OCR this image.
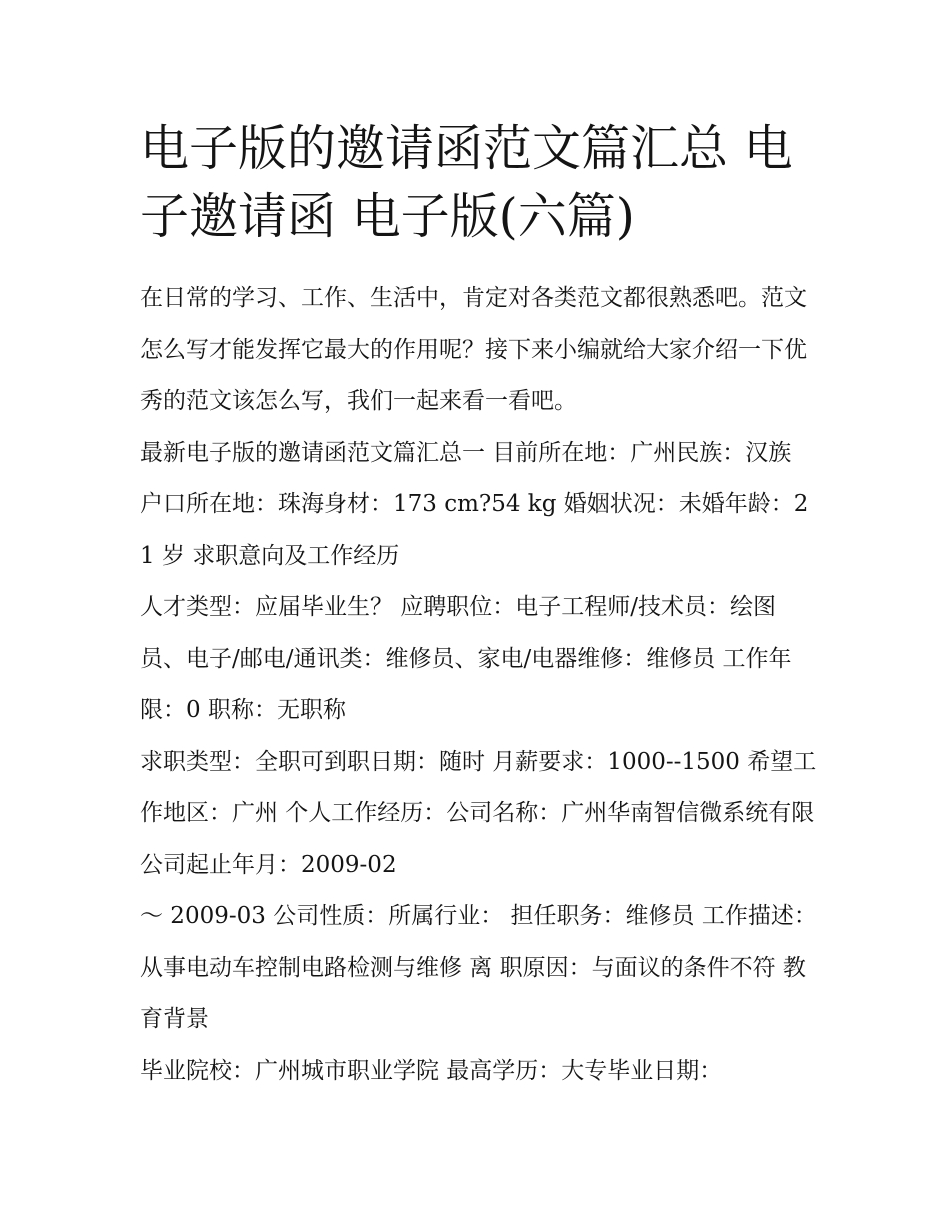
电子版的邀请函范文篇汇总 电子邀请函 电子版(六篇)

在日常的学习、工作、生活中，肯定对各类范文都很熟悉吧。范文怎么写才能发挥它最大的作用呢？接下来小编就给大家介绍一下优秀的范文该怎么写，我们一起来看一看吧。

最新电子版的邀请函范文篇汇总一 目前所在地：广州民族：汉族 户口所在地：珠海身材：173 cm?54 kg 婚姻状况：未婚年龄：21 岁 求职意向及工作经历

人才类型：应届毕业生？ 应聘职位：电子工程师/技术员：绘图员、电子/邮电/通讯类：维修员、家电/电器维修：维修员 工作年限：0 职称：无职称

求职类型：全职可到职日期：随时 月薪要求：1000--1500 希望工作地区：广州 个人工作经历：公司名称：广州华南智信微系统有限公司起止年月：2009-02

～ 2009-03 公司性质：所属行业： 担任职务：维修员 工作描述：从事电动车控制电路检测与维修 离 职原因：与面议的条件不符 教育背景

毕业院校：广州城市职业学院 最高学历：大专毕业日期：
